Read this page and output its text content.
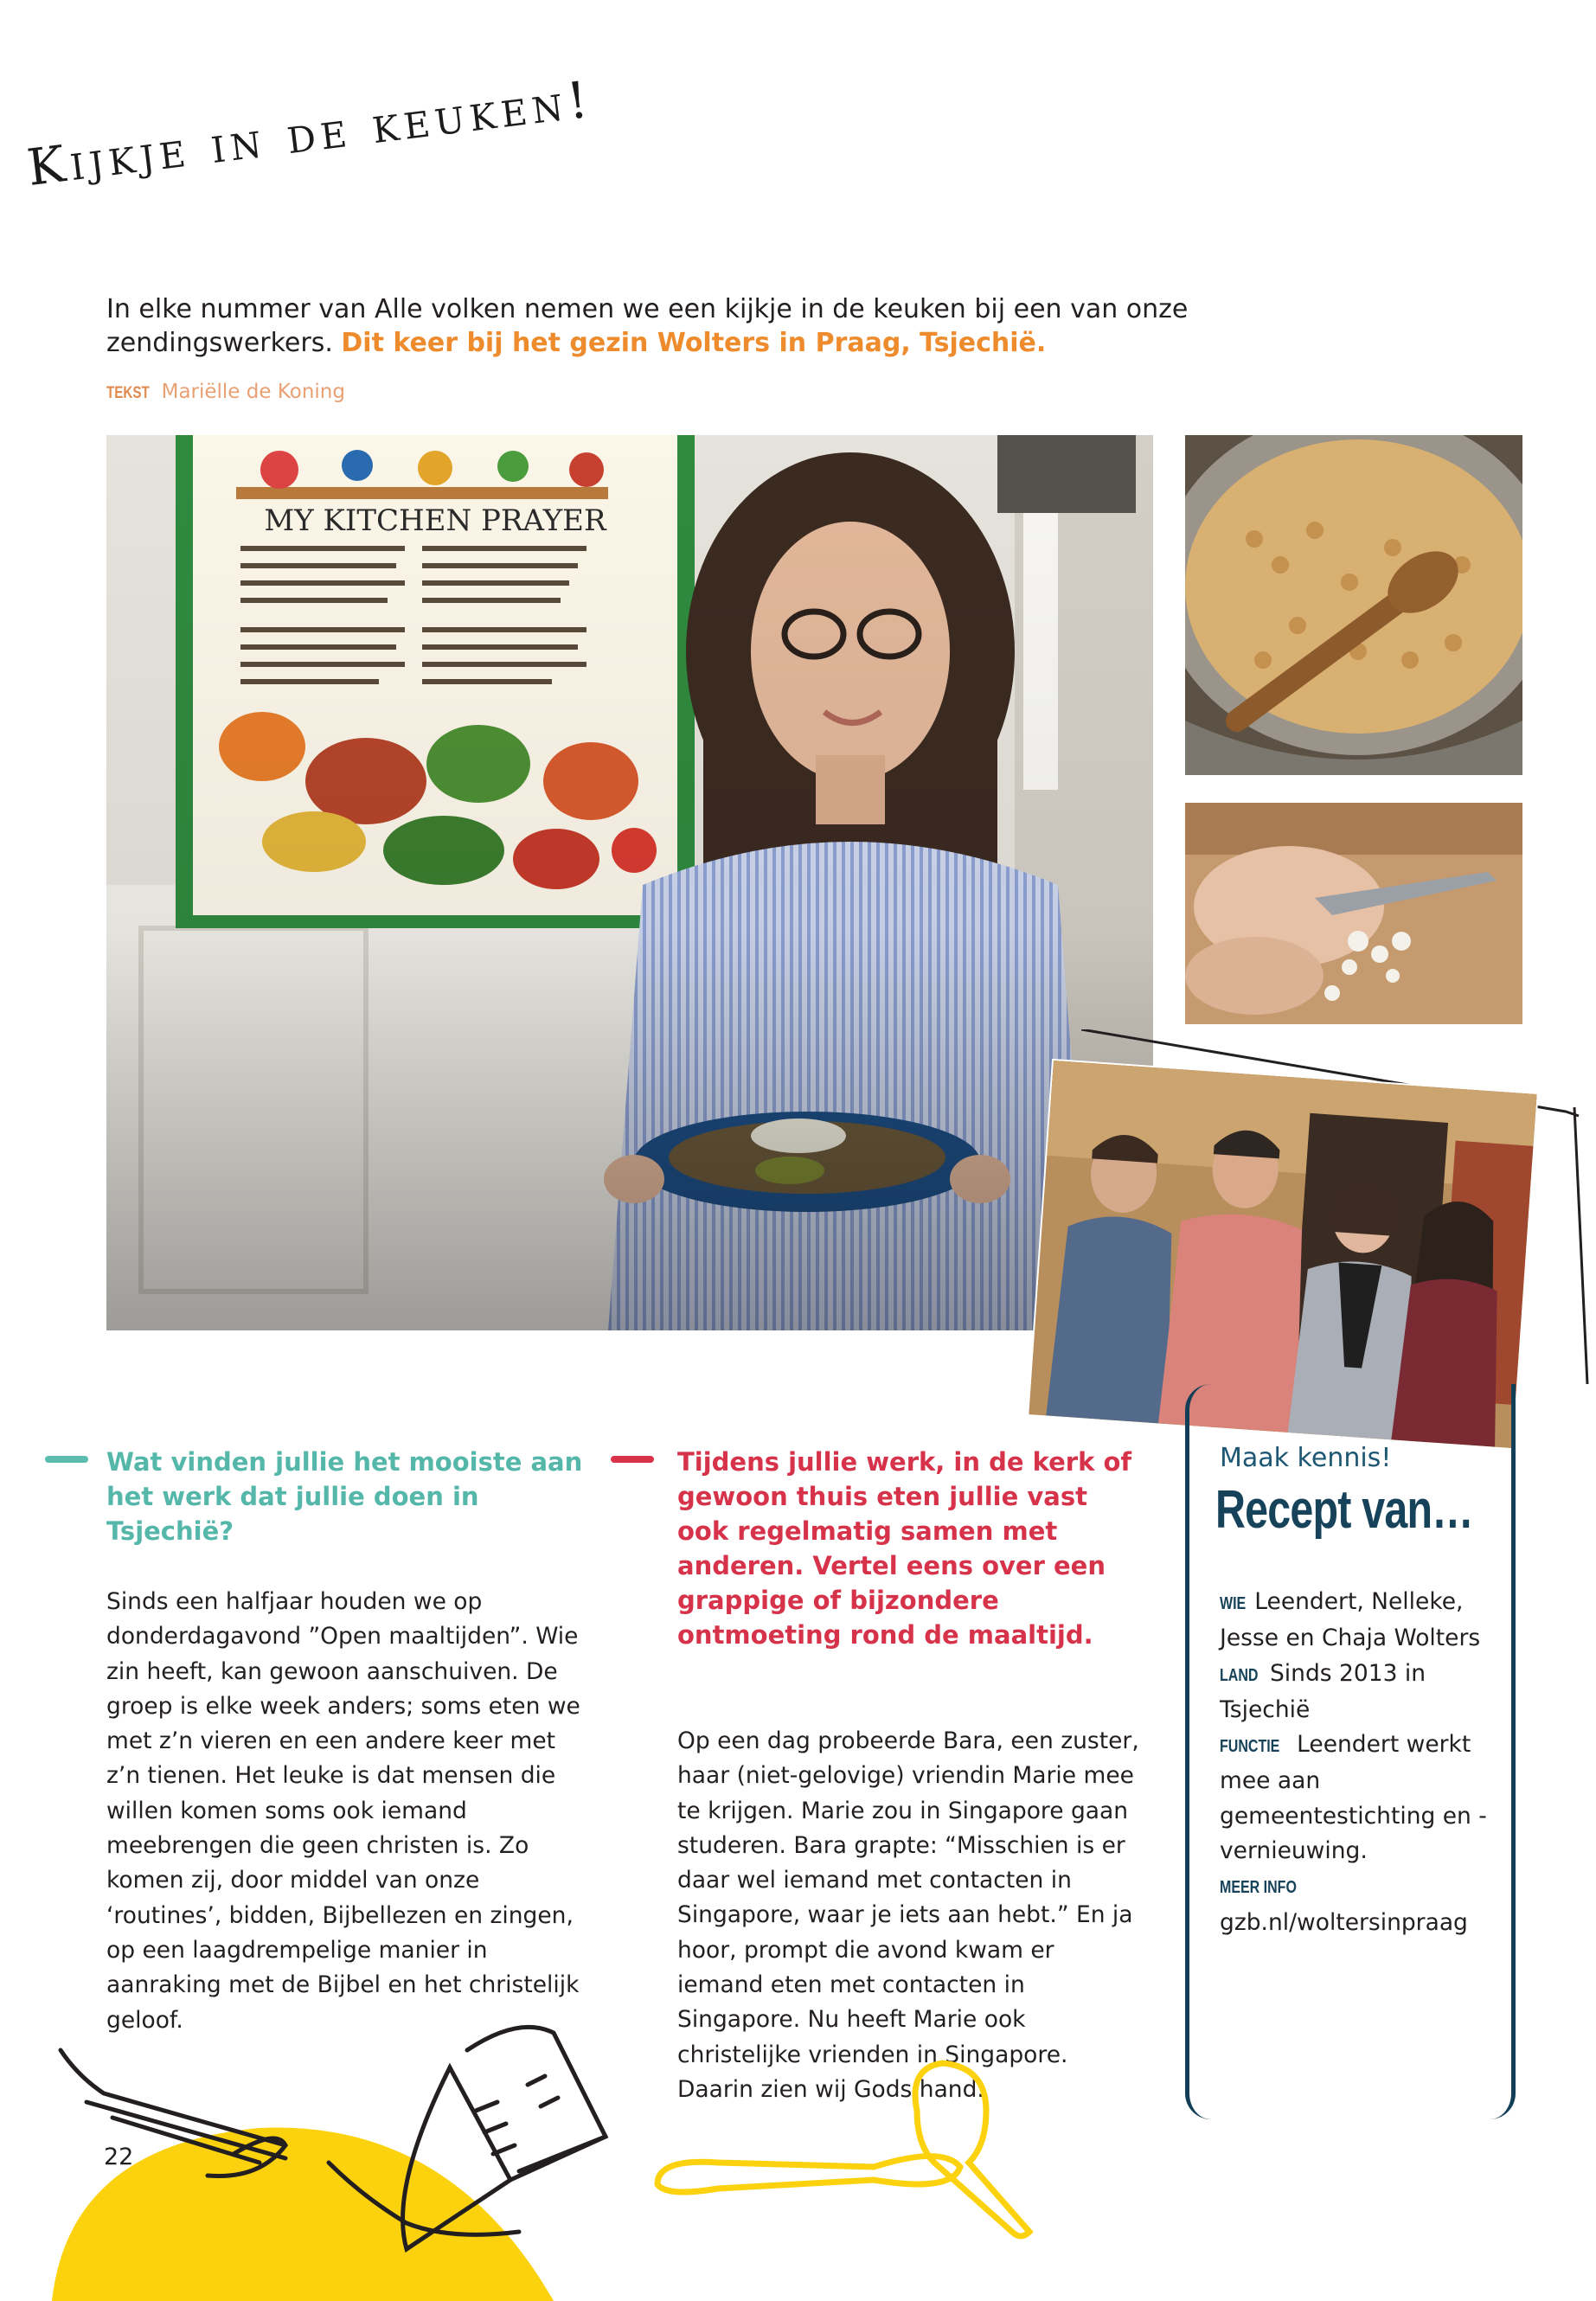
Kijkje in de keuken!
In elke nummer van Alle volken nemen we een kijkje in de keuken bij een van onze zendingswerkers. Dit keer bij het gezin Wolters in Praag, Tsjechië.
TEKST Mariëlle de Koning
Wat vinden jullie het mooiste aan het werk dat jullie doen in Tsjechië?
Sinds een halfjaar houden we op donderdagavond ”Open maaltijden”. Wie zin heeft, kan gewoon aanschuiven. De groep is elke week anders; soms eten we met z’n vieren en een andere keer met z’n tienen. Het leuke is dat mensen die willen komen soms ook iemand meebrengen die geen christen is. Zo komen zij, door middel van onze ‘routines’, bidden, Bijbellezen en zingen, op een laagdrempelige manier in aanraking met de Bijbel en het christelijk geloof.
Tijdens jullie werk, in de kerk of gewoon thuis eten jullie vast ook regelmatig samen met anderen. Vertel eens over een grappige of bijzondere ontmoeting rond de maaltijd.
Op een dag probeerde Bara, een zuster, haar (niet-gelovige) vriendin Marie mee te krijgen. Marie zou in Singapore gaan studeren. Bara grapte: “Misschien is er daar wel iemand met contacten in Singapore, waar je iets aan hebt.” En ja hoor, prompt die avond kwam er iemand eten met contacten in Singapore. Nu heeft Marie ook christelijke vrienden in Singapore. Daarin zien wij Gods hand.
Maak kennis!
Recept van…
WIE Leendert, Nelleke, Jesse en Chaja Wolters
LAND Sinds 2013 in Tsjechië
FUNCTIE Leendert werkt mee aan gemeentestichting en -vernieuwing.
MEER INFO gzb.nl/woltersinpraag
22
